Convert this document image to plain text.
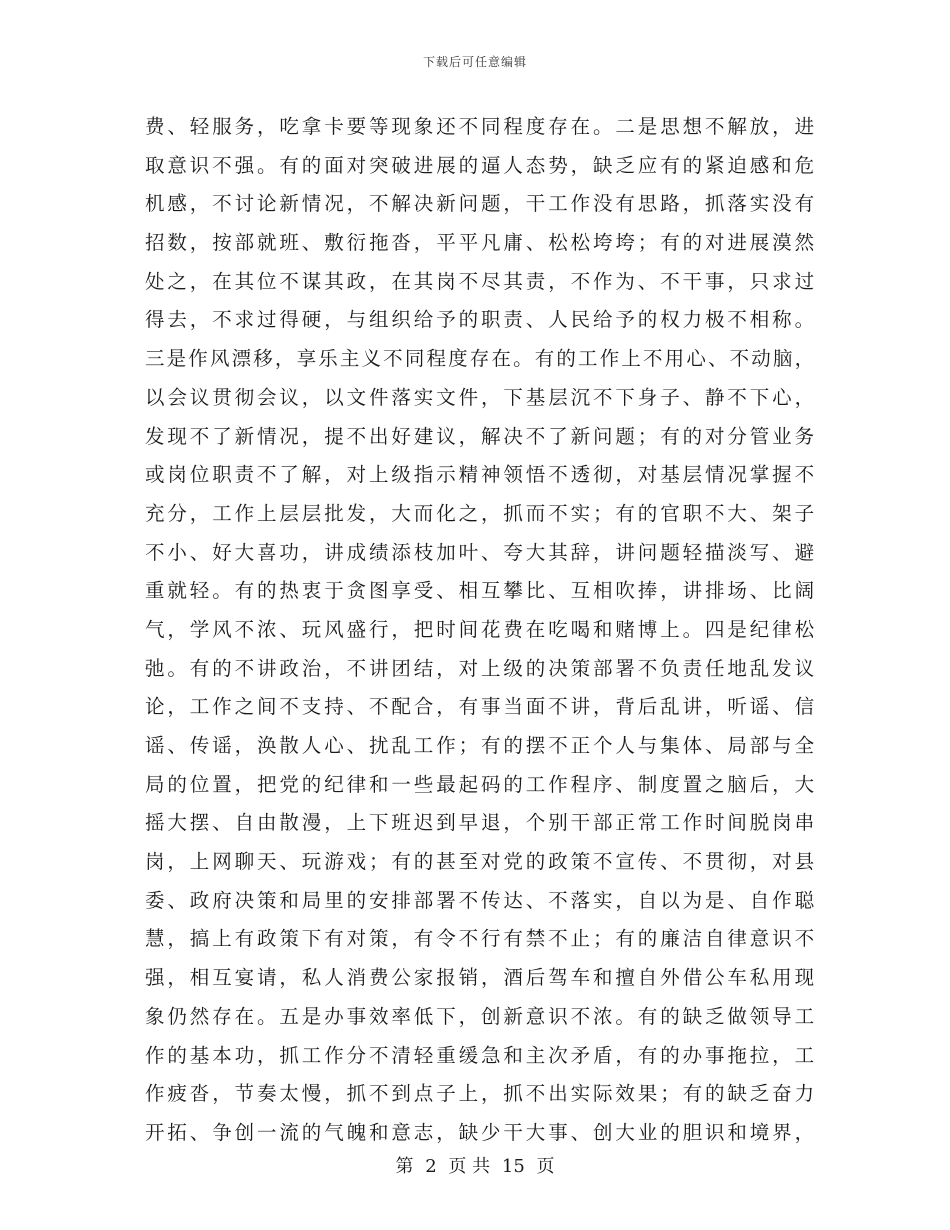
下载后可任意编辑
费、轻服务，吃拿卡要等现象还不同程度存在。二是思想不解放，进
取意识不强。有的面对突破进展的逼人态势，缺乏应有的紧迫感和危
机感，不讨论新情况，不解决新问题，干工作没有思路，抓落实没有
招数，按部就班、敷衍拖沓，平平凡庸、松松垮垮；有的对进展漠然
处之，在其位不谋其政，在其岗不尽其责，不作为、不干事，只求过
得去，不求过得硬，与组织给予的职责、人民给予的权力极不相称。
三是作风漂移，享乐主义不同程度存在。有的工作上不用心、不动脑，
以会议贯彻会议，以文件落实文件，下基层沉不下身子、静不下心，
发现不了新情况，提不出好建议，解决不了新问题；有的对分管业务
或岗位职责不了解，对上级指示精神领悟不透彻，对基层情况掌握不
充分，工作上层层批发，大而化之，抓而不实；有的官职不大、架子
不小、好大喜功，讲成绩添枝加叶、夸大其辞，讲问题轻描淡写、避
重就轻。有的热衷于贪图享受、相互攀比、互相吹捧，讲排场、比阔
气，学风不浓、玩风盛行，把时间花费在吃喝和赌博上。四是纪律松
弛。有的不讲政治，不讲团结，对上级的决策部署不负责任地乱发议
论，工作之间不支持、不配合，有事当面不讲，背后乱讲，听谣、信
谣、传谣，涣散人心、扰乱工作；有的摆不正个人与集体、局部与全
局的位置，把党的纪律和一些最起码的工作程序、制度置之脑后，大
摇大摆、自由散漫，上下班迟到早退，个别干部正常工作时间脱岗串
岗，上网聊天、玩游戏；有的甚至对党的政策不宣传、不贯彻，对县
委、政府决策和局里的安排部署不传达、不落实，自以为是、自作聪
慧，搞上有政策下有对策，有令不行有禁不止；有的廉洁自律意识不
强，相互宴请，私人消费公家报销，酒后驾车和擅自外借公车私用现
象仍然存在。五是办事效率低下，创新意识不浓。有的缺乏做领导工
作的基本功，抓工作分不清轻重缓急和主次矛盾，有的办事拖拉，工
作疲沓，节奏太慢，抓不到点子上，抓不出实际效果；有的缺乏奋力
开拓、争创一流的气魄和意志，缺少干大事、创大业的胆识和境界，
第 2 页 共 15 页
